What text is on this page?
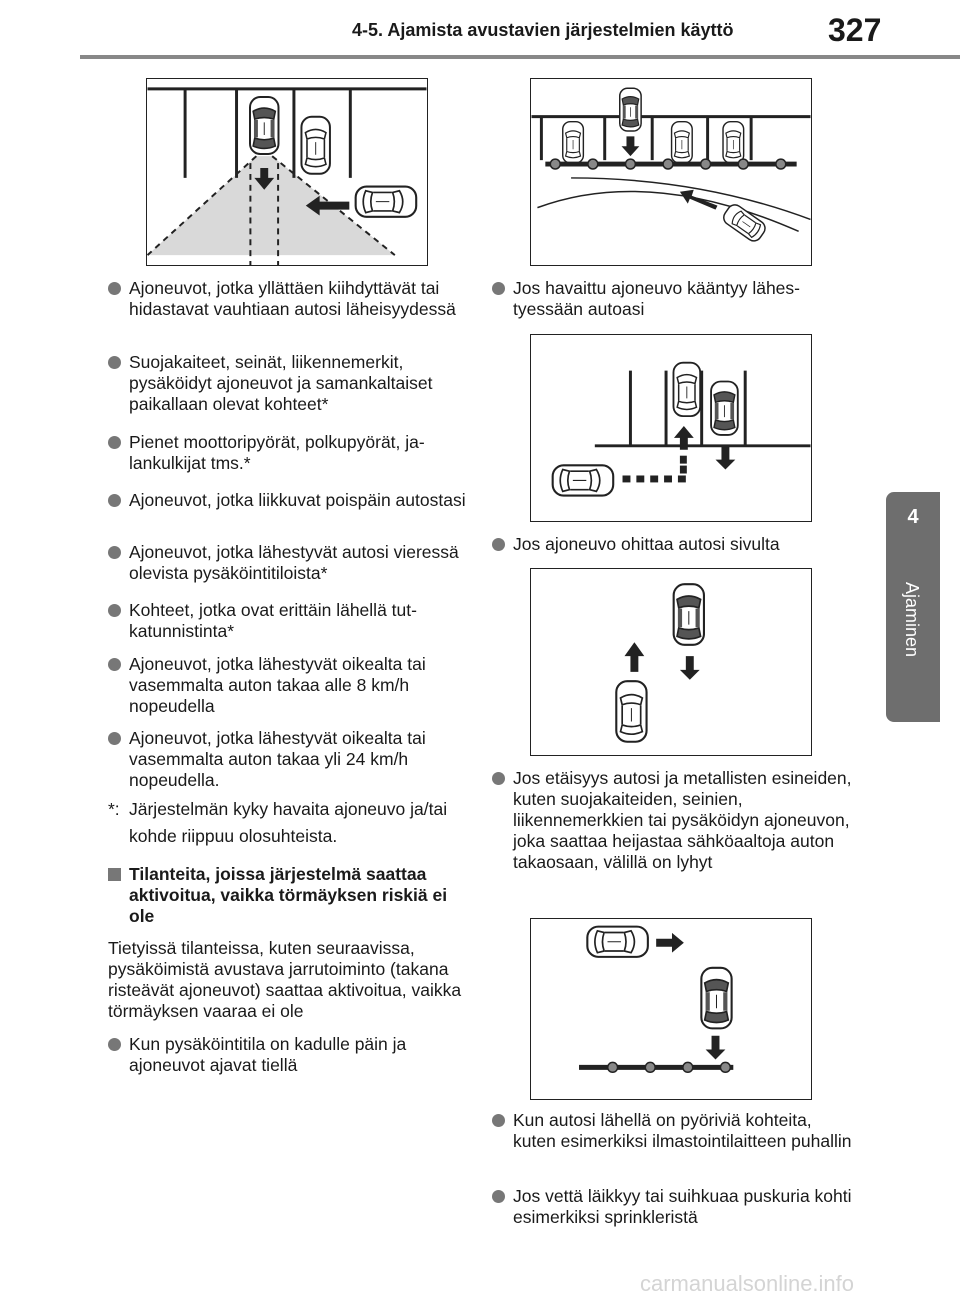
4-5. Ajamista avustavien järjestelmien käyttö	327
4
Ajaminen
Ajoneuvot, jotka yllättäen kiihdyttävät tai hidastavat vauhtiaan autosi läheisyydessä
Suojakaiteet, seinät, liikennemerkit, pysäköidyt ajoneuvot ja samankaltaiset paikallaan olevat kohteet*
Pienet moottoripyörät, polkupyörät, jalankulkijat tms.*
Ajoneuvot, jotka liikkuvat poispäin autostasi
Ajoneuvot, jotka lähestyvät autosi vieressä olevista pysäköintitiloista*
Kohteet, jotka ovat erittäin lähellä tutkatunnistinta*
Ajoneuvot, jotka lähestyvät oikealta tai vasemmalta auton takaa alle 8 km/h nopeudella
Ajoneuvot, jotka lähestyvät oikealta tai vasemmalta auton takaa yli 24 km/h nopeudella.
*: Järjestelmän kyky havaita ajoneuvo ja/tai kohde riippuu olosuhteista.
Tilanteita, joissa järjestelmä saattaa aktivoitua, vaikka törmäyksen riskiä ei ole
Tietyissä tilanteissa, kuten seuraavissa, pysäköimistä avustava jarrutoiminto (takana risteävät ajoneuvot) saattaa aktivoitua, vaikka törmäyksen vaaraa ei ole
Kun pysäköintitila on kadulle päin ja ajoneuvot ajavat tiellä
Jos havaittu ajoneuvo kääntyy lähestyessään autoasi
Jos ajoneuvo ohittaa autosi sivulta
Jos etäisyys autosi ja metallisten esineiden, kuten suojakaiteiden, seinien, liikennemerkkien tai pysäköidyn ajoneuvon, joka saattaa heijastaa sähköaaltoja auton takaosaan, välillä on lyhyt
Kun autosi lähellä on pyöriviä kohteita, kuten esimerkiksi ilmastointilaitteen puhallin
Jos vettä läikkyy tai suihkuaa puskuria kohti esimerkiksi sprinkleristä
carmanualsonline.info
